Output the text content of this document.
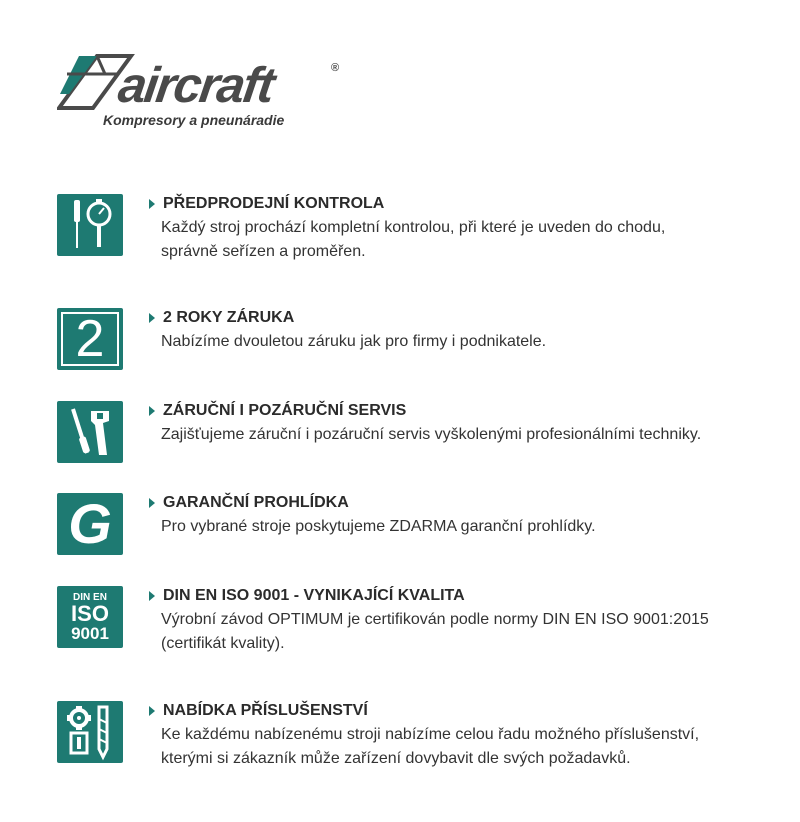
aircraft	®
Kompresory a pneunáradie
PŘEDPRODEJNÍ KONTROLA
Každý stroj prochází kompletní kontrolou, při které je uveden do chodu,
správně seřízen a proměřen.
2	2 ROKY ZÁRUKA
Nabízíme dvouletou záruku jak pro firmy i podnikatele.
ZÁRUČNÍ I POZÁRUČNÍ SERVIS
Zajišťujeme záruční i pozáruční servis vyškolenými profesionálními techniky.
G	GARANČNÍ PROHLÍDKA
Pro vybrané stroje poskytujeme ZDARMA garanční prohlídky.
DIN EN
ISO
9001
DIN EN ISO 9001 - VYNIKAJÍCÍ KVALITA
Výrobní závod OPTIMUM je certifikován podle normy DIN EN ISO 9001:2015
(certifikát kvality).
NABÍDKA PŘÍSLUŠENSTVÍ
Ke každému nabízenému stroji nabízíme celou řadu možného příslušenství,
kterými si zákazník může zařízení dovybavit dle svých požadavků.
